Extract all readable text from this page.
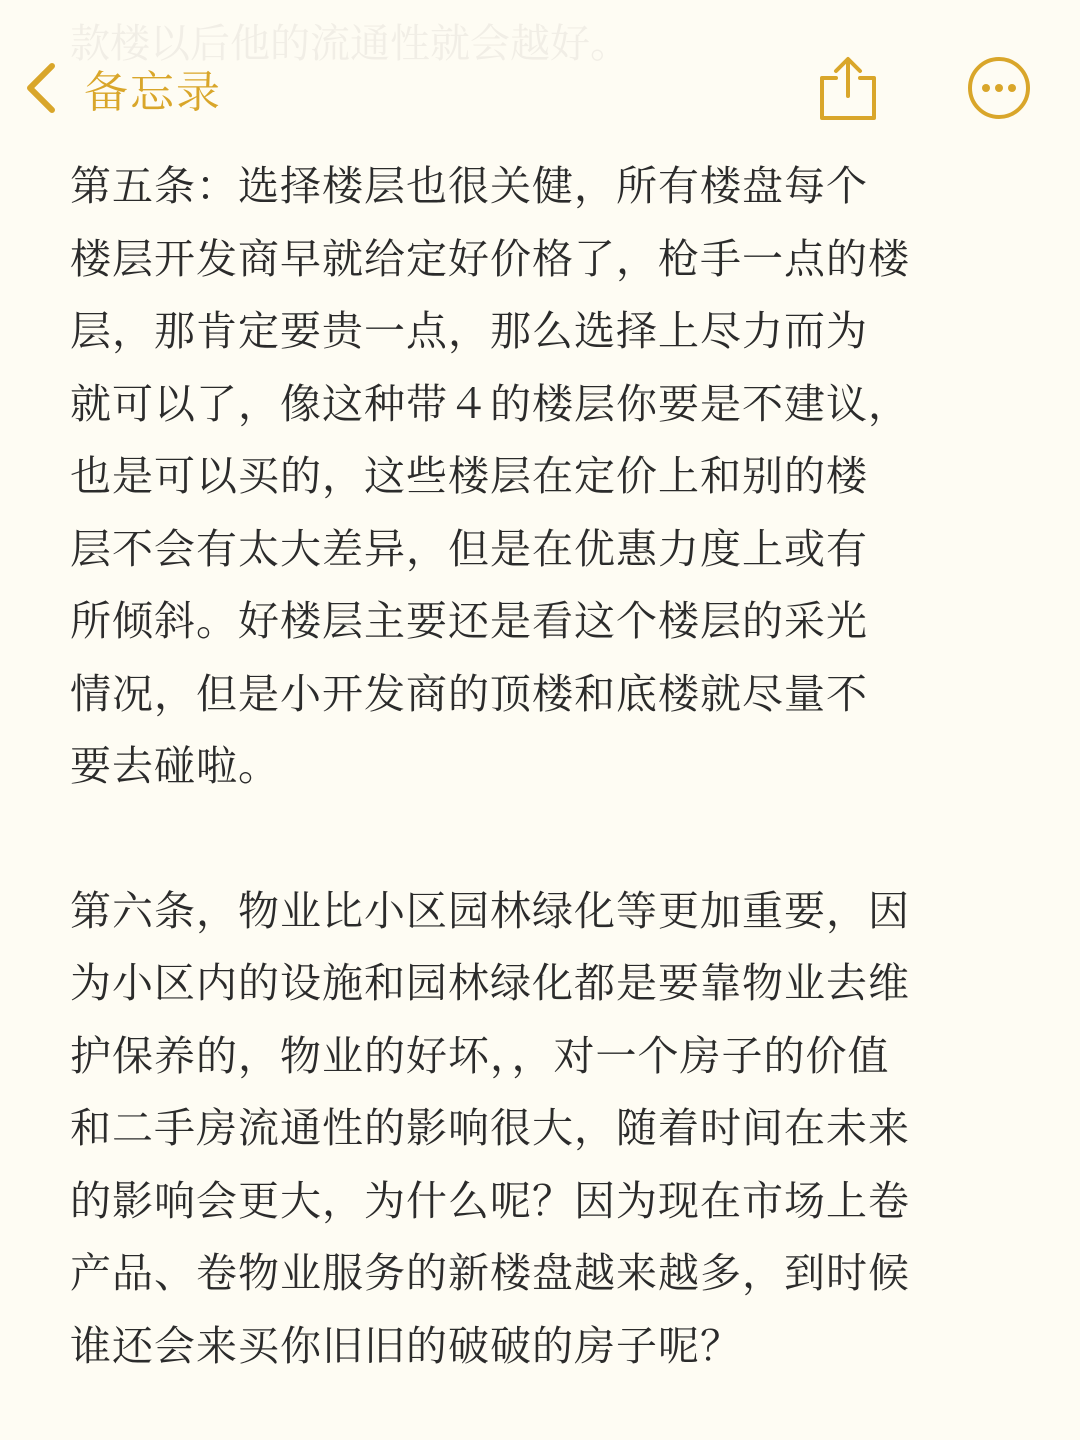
款楼以后他的流通性就会越好。
备忘录
第五条：选择楼层也很关健，所有楼盘每个
楼层开发商早就给定好价格了，枪手一点的楼
层，那肯定要贵一点，那么选择上尽力而为
就可以了，像这种带４的楼层你要是不建议，
也是可以买的，这些楼层在定价上和别的楼
层不会有太大差异，但是在优惠力度上或有
所倾斜。好楼层主要还是看这个楼层的采光
情况，但是小开发商的顶楼和底楼就尽量不
要去碰啦。
第六条，物业比小区园林绿化等更加重要，因
为小区内的设施和园林绿化都是要靠物业去维
护保养的，物业的好坏，，对一个房子的价值
和二手房流通性的影响很大，随着时间在未来
的影响会更大，为什么呢？因为现在市场上卷
产品、卷物业服务的新楼盘越来越多，到时候
谁还会来买你旧旧的破破的房子呢？
